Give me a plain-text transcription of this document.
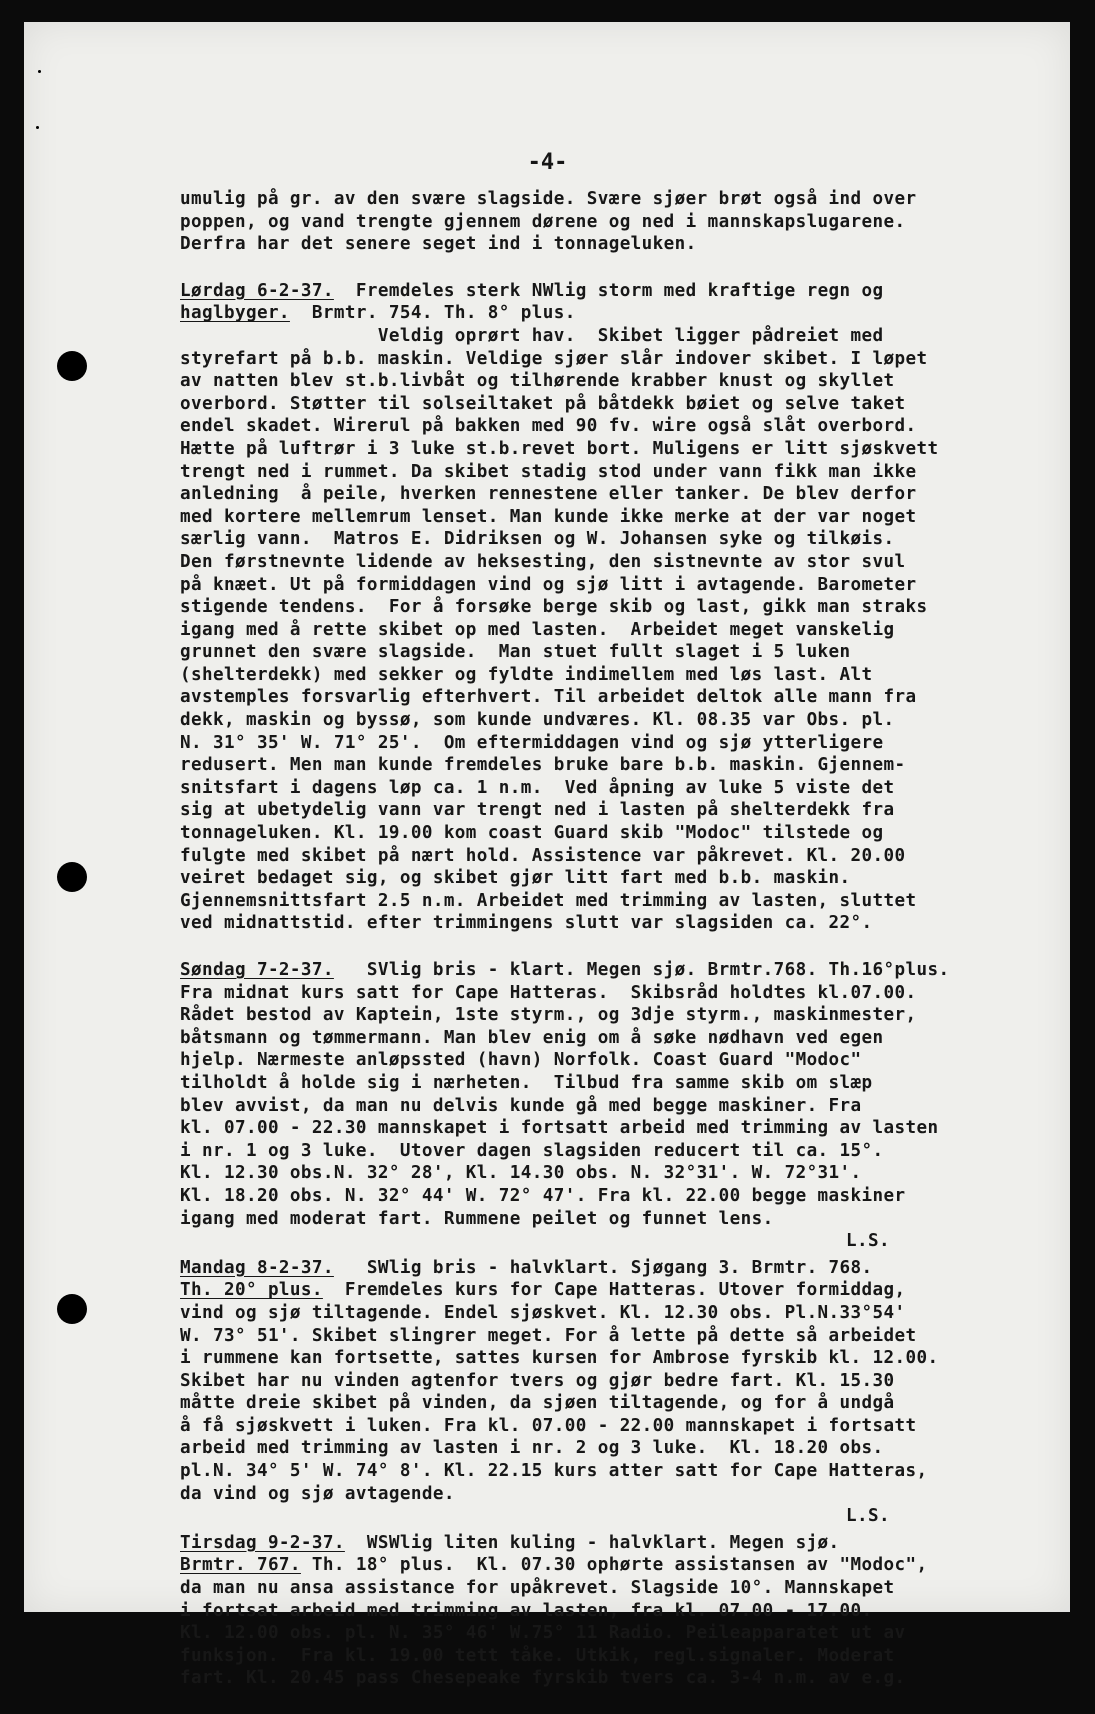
-4-
umulig på gr. av den svære slagside. Svære sjøer brøt også ind over
poppen, og vand trengte gjennem dørene og ned i mannskapslugarene.
Derfra har det senere seget ind i tonnageluken.
Lørdag 6-2-37.  Fremdeles sterk NWlig storm med kraftige regn og
haglbyger.  Brmtr. 754. Th. 8° plus.
Veldig oprørt hav.  Skibet ligger pådreiet med
styrefart på b.b. maskin. Veldige sjøer slår indover skibet. I løpet
av natten blev st.b.livbåt og tilhørende krabber knust og skyllet
overbord. Støtter til solseiltaket på båtdekk bøiet og selve taket
endel skadet. Wirerul på bakken med 90 fv. wire også slåt overbord.
Hætte på luftrør i 3 luke st.b.revet bort. Muligens er litt sjøskvett
trengt ned i rummet. Da skibet stadig stod under vann fikk man ikke
anledning  å peile, hverken rennestene eller tanker. De blev derfor
med kortere mellemrum lenset. Man kunde ikke merke at der var noget
særlig vann.  Matros E. Didriksen og W. Johansen syke og tilkøis.
Den førstnevnte lidende av heksesting, den sistnevnte av stor svul
på knæet. Ut på formiddagen vind og sjø litt i avtagende. Barometer
stigende tendens.  For å forsøke berge skib og last, gikk man straks
igang med å rette skibet op med lasten.  Arbeidet meget vanskelig
grunnet den svære slagside.  Man stuet fullt slaget i 5 luken
(shelterdekk) med sekker og fyldte indimellem med løs last. Alt
avstemples forsvarlig efterhvert. Til arbeidet deltok alle mann fra
dekk, maskin og byssø, som kunde undværes. Kl. 08.35 var Obs. pl.
N. 31° 35' W. 71° 25'.  Om eftermiddagen vind og sjø ytterligere
redusert. Men man kunde fremdeles bruke bare b.b. maskin. Gjennem-
snitsfart i dagens løp ca. 1 n.m.  Ved åpning av luke 5 viste det
sig at ubetydelig vann var trengt ned i lasten på shelterdekk fra
tonnageluken. Kl. 19.00 kom coast Guard skib "Modoc" tilstede og
fulgte med skibet på nært hold. Assistence var påkrevet. Kl. 20.00
veiret bedaget sig, og skibet gjør litt fart med b.b. maskin.
Gjennemsnittsfart 2.5 n.m. Arbeidet med trimming av lasten, sluttet
ved midnattstid. efter trimmingens slutt var slagsiden ca. 22°.
Søndag 7-2-37.   SVlig bris - klart. Megen sjø. Brmtr.768. Th.16°plus.
Fra midnat kurs satt for Cape Hatteras.  Skibsråd holdtes kl.07.00.
Rådet bestod av Kaptein, 1ste styrm., og 3dje styrm., maskinmester,
båtsmann og tømmermann. Man blev enig om å søke nødhavn ved egen
hjelp. Nærmeste anløpssted (havn) Norfolk. Coast Guard "Modoc"
tilholdt å holde sig i nærheten.  Tilbud fra samme skib om slæp
blev avvist, da man nu delvis kunde gå med begge maskiner. Fra
kl. 07.00 - 22.30 mannskapet i fortsatt arbeid med trimming av lasten
i nr. 1 og 3 luke.  Utover dagen slagsiden reducert til ca. 15°.
Kl. 12.30 obs.N. 32° 28', Kl. 14.30 obs. N. 32°31'. W. 72°31'.
Kl. 18.20 obs. N. 32° 44' W. 72° 47'. Fra kl. 22.00 begge maskiner
igang med moderat fart. Rummene peilet og funnet lens.
L.S.
Mandag 8-2-37.   SWlig bris - halvklart. Sjøgang 3. Brmtr. 768.
Th. 20° plus.  Fremdeles kurs for Cape Hatteras. Utover formiddag,
vind og sjø tiltagende. Endel sjøskvet. Kl. 12.30 obs. Pl.N.33°54'
W. 73° 51'. Skibet slingrer meget. For å lette på dette så arbeidet
i rummene kan fortsette, sattes kursen for Ambrose fyrskib kl. 12.00.
Skibet har nu vinden agtenfor tvers og gjør bedre fart. Kl. 15.30
måtte dreie skibet på vinden, da sjøen tiltagende, og for å undgå
å få sjøskvett i luken. Fra kl. 07.00 - 22.00 mannskapet i fortsatt
arbeid med trimming av lasten i nr. 2 og 3 luke.  Kl. 18.20 obs.
pl.N. 34° 5' W. 74° 8'. Kl. 22.15 kurs atter satt for Cape Hatteras,
da vind og sjø avtagende.
L.S.
Tirsdag 9-2-37.  WSWlig liten kuling - halvklart. Megen sjø.
Brmtr. 767. Th. 18° plus.  Kl. 07.30 ophørte assistansen av "Modoc",
da man nu ansa assistance for upåkrevet. Slagside 10°. Mannskapet
i fortsat arbeid med trimming av lasten, fra kl. 07.00 - 17.00.
Kl. 12.00 obs. pl. N. 35° 46' W.75° 11 Radio. Peileapparatet ut av
funksjon.  Fra kl. 19.00 tett tåke. Utkik, regl.signaler. Moderat
fart. Kl. 20.45 pass Chesepeake fyrskib tvers ca. 3-4 n.m. av e.g.
